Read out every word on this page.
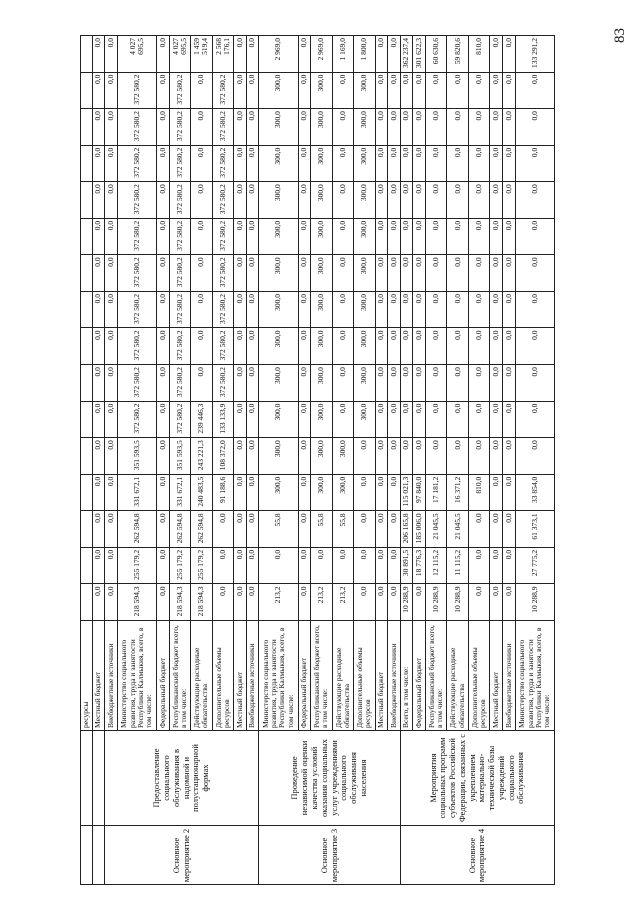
ресурсы Местный бюджет
0,0
0,0
0,0
0,0
0,0
0,0
0,0
0,0
0,0
0,0
0,0
0,0
0,0
0,0
0,0
0,0
Внебюджетные источники
0,0
0,0
0,0
0,0
0,0
0,0
0,0
0,0
0,0
0,0
0,0
0,0
0,0
0,0
0,0
0,0
Министерство социального развития, труда и занятости Республики Калмыкия, всего, в том числе:
218 594,3
255 179,2
262 594,8
331 672,1
351 593,5
372 580,2
372 580,2
372 580,2
372 580,2
372 580,2
372 580,2
372 580,2
372 580,2
372 580,2
372 580,2
4 027 695,5
Федеральный бюджет
0,0
0,0
0,0
0,0
0,0
0,0
0,0
0,0
0,0
0,0
0,0
0,0
0,0
0,0
0,0
0,0
Республиканский бюджет всего, в том числе:
218 594,3
255 179,2
262 594,8
331 672,1
351 593,5
372 580,2
372 580,2
372 580,2
372 580,2
372 580,2
372 580,2
372 580,2
372 580,2
372 580,2
372 580,2
4 027 695,5
Действующие расходные обязательства
218 594,3
255 179,2
262 594,8
240 483,5
243 221,3
239 446,3
0,0
0,0
0,0
0,0
0,0
0,0
0,0
0,0
0,0
1 459 519,4
Дополнительные объемы ресурсов
0,0
0,0
0,0
91 188,6
108 372,0
133 133,9
372 580,2
372 580,2
372 580,2
372 580,2
372 580,2
372 580,2
372 580,2
372 580,2
372 580,2
2 568 176,1
Местный бюджет
0,0
0,0
0,0
0,0
0,0
0,0
0,0
0,0
0,0
0,0
0,0
0,0
0,0
0,0
0,0
0,0
Внебюджетные источники
0,0
0,0
0,0
0,0
0,0
0,0
0,0
0,0
0,0
0,0
0,0
0,0
0,0
0,0
0,0
0,0
Министерство социального развития, труда и занятости Республики Калмыкия, всего, в том числе:
213,2
0,0
55,8
300,0
300,0
300,0
300,0
300,0
300,0
300,0
300,0
300,0
300,0
300,0
300,0
2 969,0
Федеральный бюджет
0,0
0,0
0,0
0,0
0,0
0,0
0,0
0,0
0,0
0,0
0,0
0,0
0,0
0,0
0,0
0,0
Республиканский бюджет всего, в том числе:
213,2
0,0
55,8
300,0
300,0
300,0
300,0
300,0
300,0
300,0
300,0
300,0
300,0
300,0
300,0
2 969,0
Действующие расходные обязательства
213,2
0,0
55,8
300,0
300,0
0,0
0,0
0,0
0,0
0,0
0,0
0,0
0,0
0,0
0,0
1 169,0
Дополнительные объемы ресурсов
0,0
0,0
0,0
0,0
0,0
300,0
300,0
300,0
300,0
300,0
300,0
300,0
300,0
300,0
300,0
1 800,0
Местный бюджет
0,0
0,0
0,0
0,0
0,0
0,0
0,0
0,0
0,0
0,0
0,0
0,0
0,0
0,0
0,0
0,0
Внебюджетные источники
0,0
0,0
0,0
0,0
0,0
0,0
0,0
0,0
0,0
0,0
0,0
0,0
0,0
0,0
0,0
0,0
Всего, в том числе:
10 288,9
30 891,5
206 165,8
115 021,3
0,0
0,0
0,0
0,0
0,0
0,0
0,0
0,0
0,0
0,0
0,0
362 237,4
Федеральный бюджет
0,0
18 776,3
185 006,0
97 840,0
0,0
0,0
0,0
0,0
0,0
0,0
0,0
0,0
0,0
0,0
0,0
301 622,3
Республиканский бюджет всего, в том числе:
10 288,9
12 115,2
21 045,5
17 181,2
0,0
0,0
0,0
0,0
0,0
0,0
0,0
0,0
0,0
0,0
0,0
60 630,6
Действующие расходные обязательства
10 288,9
11 115,2
21 045,5
16 371,2
0,0
0,0
0,0
0,0
0,0
0,0
0,0
0,0
0,0
0,0
0,0
59 820,6
Дополнительные объемы ресурсов
0,0
0,0
0,0
810,0
0,0
0,0
0,0
0,0
0,0
0,0
0,0
0,0
0,0
0,0
0,0
810,0
Местный бюджет
0,0
0,0
0,0
0,0
0,0
0,0
0,0
0,0
0,0
0,0
0,0
0,0
0,0
0,0
0,0
0,0
Внебюджетные источники
0,0
0,0
0,0
0,0
0,0
0,0
0,0
0,0
0,0
0,0
0,0
0,0
0,0
0,0
0,0
0,0
Министерство социального развития, труда и занятости Республики Калмыкия, всего, в том числе:
10 288,9
27 775,2
61 373,1
33 854,0
0,0
0,0
0,0
0,0
0,0
0,0
0,0
0,0
0,0
0,0
0,0
133 291,2
Основное мероприятие 2
Предоставление социального обслуживания в надомной и полустационарной формах
Основное мероприятие 3
Проведение независимой оценки качества условий оказания социальных услуг учреждениями социального обслуживания населения
Основное мероприятие 4
Мероприятия социальных программ субъектов Российской Федерации, связанных с укреплением материально-технической базы учреждений социального обслуживания
83
